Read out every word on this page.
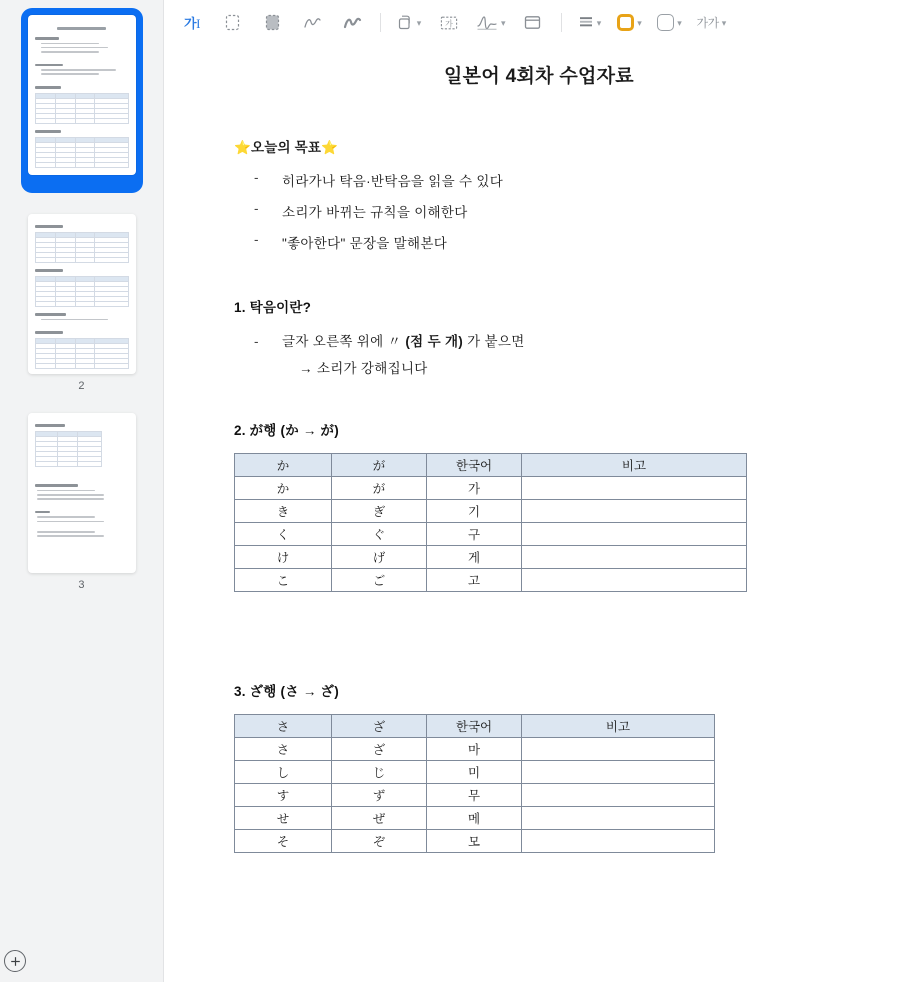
2

3
가I	▾	가	▾	▾	▾	▾ 가가 ▾
일본어 4회차 수업자료
⭐오늘의 목표⭐
-	히라가나 탁음·반탁음을 읽을 수 있다
-	소리가 바뀌는 규칙을 이해한다
-	"좋아한다" 문장을 말해본다
1. 탁음이란?
- 글자 오른쪽 위에 〃 (점 두 개) 가 붙으면
→ 소리가 강해집니다
2. が행 (か → が)
か	が	한국어	비고
か	が	가	
き	ぎ	기	
く	ぐ	구	
け	げ	게	
こ	ご	고	
3. ざ행 (さ → ざ)
さ	ざ	한국어	비고
さ	ざ	마	
し	じ	미	
す	ず	무	
せ	ぜ	메	
そ	ぞ	모	
